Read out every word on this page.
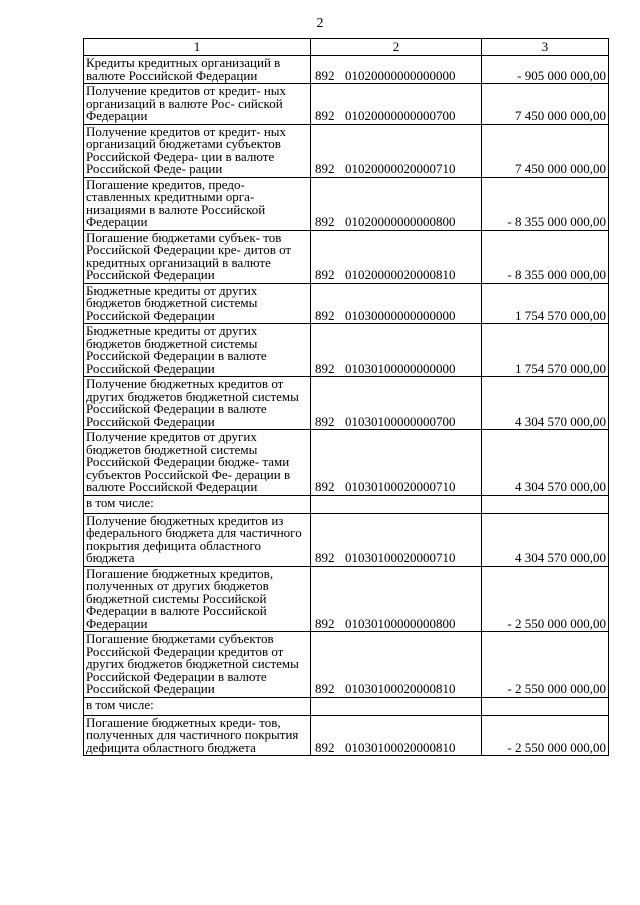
2
1	2	3
Кредиты кредитных организаций в валюте Российской Федерации	892 01020000000000000	- 905 000 000,00
Получение кредитов от кредит- ных организаций в валюте Рос- сийской Федерации	892 01020000000000700	7 450 000 000,00
Получение кредитов от кредит- ных организаций бюджетами субъектов Российской Федера- ции в валюте Российской Феде- рации	892 01020000020000710	7 450 000 000,00
Погашение кредитов, предо- ставленных кредитными орга- низациями в валюте Российской Федерации	892 01020000000000800	- 8 355 000 000,00
Погашение бюджетами субъек- тов Российской Федерации кре- дитов от кредитных организаций в валюте Российской Федерации	892 01020000020000810	- 8 355 000 000,00
Бюджетные кредиты от других бюджетов бюджетной системы Российской Федерации	892 01030000000000000	1 754 570 000,00
Бюджетные кредиты от других бюджетов бюджетной системы Российской Федерации в валюте Российской Федерации	892 01030100000000000	1 754 570 000,00
Получение бюджетных кредитов от других бюджетов бюджетной системы Российской Федерации в валюте Российской Федерации	892 01030100000000700	4 304 570 000,00
Получение кредитов от других бюджетов бюджетной системы Российской Федерации бюдже- тами субъектов Российской Фе- дерации в валюте Российской Федерации	892 01030100020000710	4 304 570 000,00
в том числе:		
Получение бюджетных кредитов из федерального бюджета для частичного покрытия дефицита областного бюджета	892 01030100020000710	4 304 570 000,00
Погашение бюджетных кредитов, полученных от других бюджетов бюджетной системы Российской Федерации в валюте Российской Федерации	892 01030100000000800	- 2 550 000 000,00
Погашение бюджетами субъектов Российской Федерации кредитов от других бюджетов бюджетной системы Российской Федерации в валюте Российской Федерации	892 01030100020000810	- 2 550 000 000,00
в том числе:		
Погашение бюджетных креди- тов, полученных для частичного покрытия дефицита областного бюджета	892 01030100020000810	- 2 550 000 000,00
